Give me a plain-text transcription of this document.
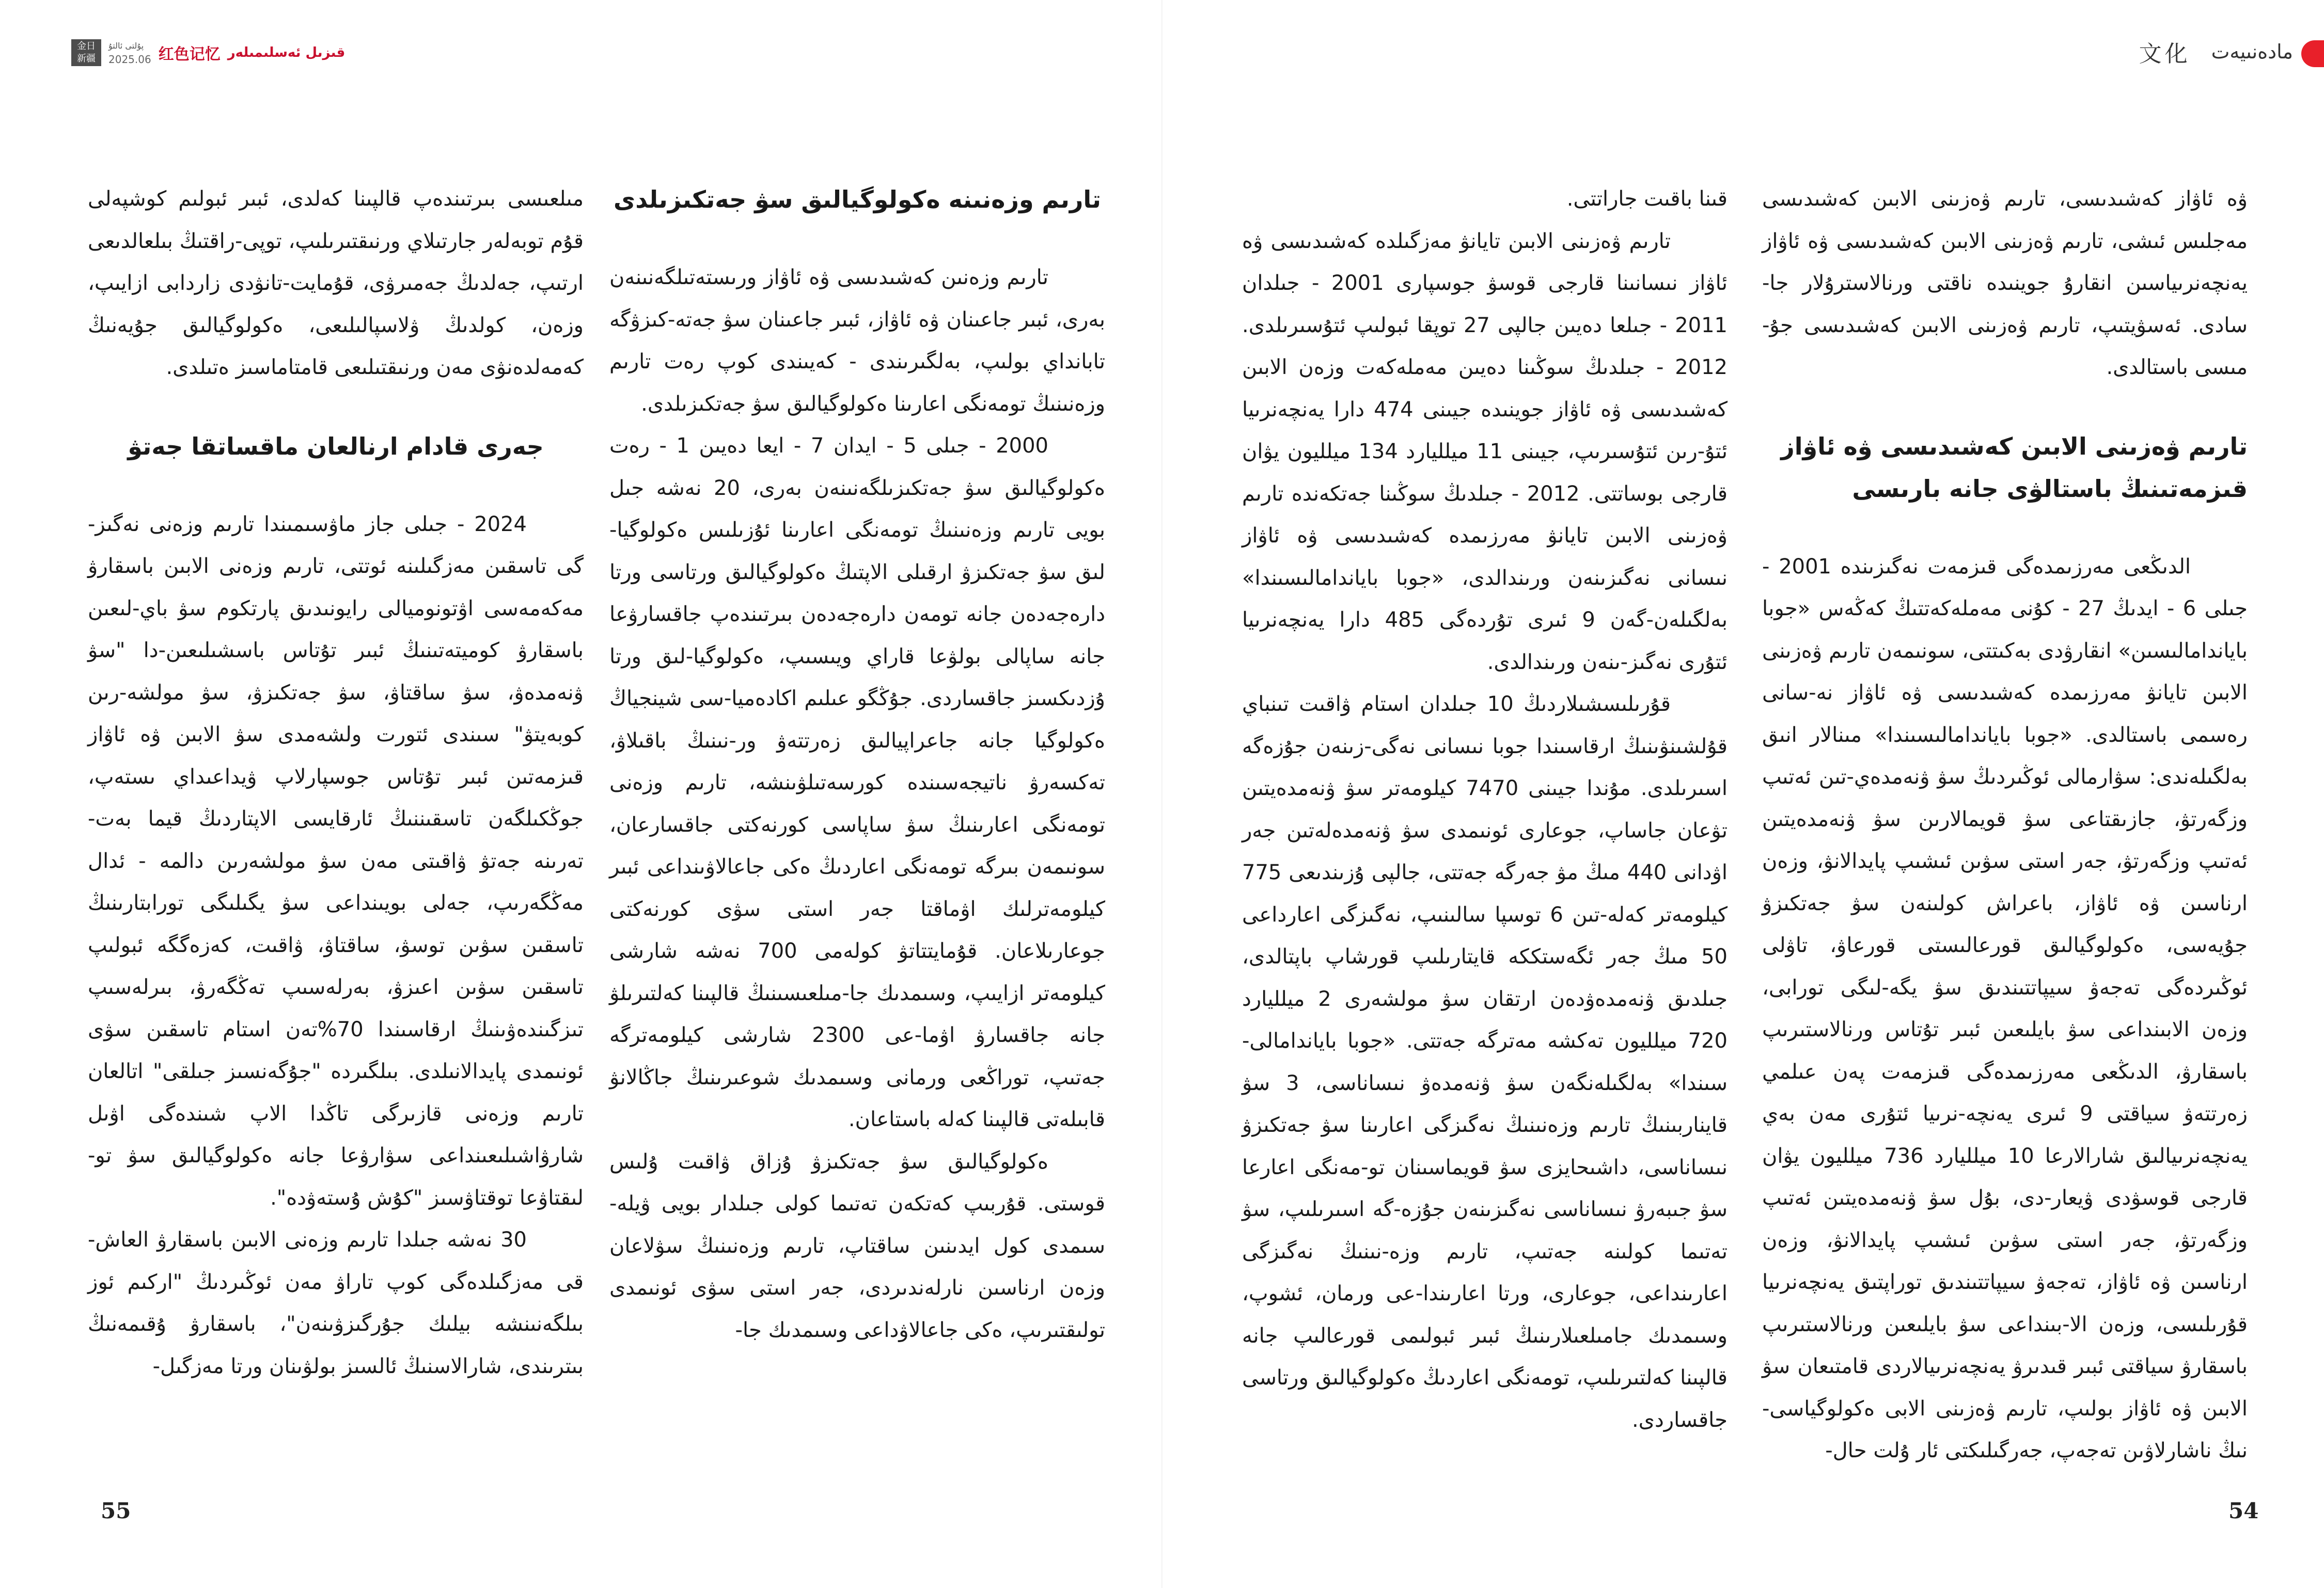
金日
新疆
پۇلتى ئالتۇ
2025.06 红色记忆 قىزىل ئەسلىمىلەر

مىلعىسى بىرتىندەپ قالپىنا كەلدى، ئبىر ئبولىم كوشپەلى قۇم توبەلەر جارتىلاي ورنىقتىرىلىپ، توپى-راقتىڭ بىلعالدىعى ارتىپ، جەلدىڭ جەمىرۋى، قۇمايت-تانۋدى زاردابى ازايىپ، وزەن، كولدىڭ ۋلاسپالىلىعى، ەكولوگيالىق جۇيەنىڭ كەمەلدەنۋى مەن ورنىقتىلىعى قامتاماسىز ەتىلدى.

جەرى قادام ارنالعان ماقساتقا جەتۋ

2024 - جىلى جاز ماۋسىمىندا تارىم وزەنى نەگىز-گى تاسقىن مەزگىلىنە ئوتتى، تارىم وزەنى الابىن باسقارۋ مەكەمەسى اۋتونوميالى رايونىدىق پارتكوم سۋ باي-لىعىن باسقارۋ كوميتەتىنىڭ ئبىر تۇتاس باسشىلىعىن-دا "سۋ ۋنەمدەۋ، سۋ ساقتاۋ، سۋ جەتكىزۋ، سۋ مولشە-رىن كوبەيتۋ" سىندى ئتورت ولشەمدى سۋ الابىن ۋە ئاۋاز قىزمەتىن ئبىر تۇتاس جوسپارلاپ ۋيداعىداي ىستەپ، جوڭكىلگەن تاسقىننىڭ ئارقايسى الاپتاردىڭ قيما بەت-تەرىنە جەتۋ ۋاقىتى مەن سۋ مولشەرىن دالمە - ئدال مەڭگەرىپ، جەلى بويىنداعى سۋ يگىلىگى تورابتارىنىڭ تاسقىن سۋىن توسۋ، ساقتاۋ، ۋاقىت، كەزەگگە ئبولىپ تاسقىن سۋىن اعىزۋ، بەرلەسىپ تەڭگەرۋ، بىرلەسىپ تىزگىندەۋىنىڭ ارقاسىندا 70%تەن استام تاسقىن سۋى ئونىمدى پايدالانىلدى. بىلگىردە "جۇگەنسىز جىلقى" اتالعان تارىم وزەنى قازىرگى تاڭدا الاپ شىندەگى اۋىل شارۋاشىلىعىنداعى سۋارۋعا جانە ەكولوگيالىق سۋ تو-لىقتاۋعا توقتاۋسىز "كۇش ۇستەۋدە".

30 نەشە جىلدا تارىم وزەنى الابىن باسقارۋ العاش-قى مەزگىلدەگى كوپ تاراۋ مەن ئوڭىردىڭ "اركىم ئوز بىلگەنىنشە بيلىك جۇرگىزۋىنەن"، باسقارۋ ۇقىمەنىڭ بىترىندى، شارالاسنىڭ ئالسىز بولۋىنان ورتا مەزگىل-

تارىم وزەنىنە ەكولوگيالىق سۋ جەتكىزىلدى

تارىم وزەنىن كەشىدىسى ۋە ئاۋاز ورىستەتىلگەنىنەن بەرى، ئبىر جاعىنان ۋە ئاۋاز، ئبىر جاعىنان سۋ جەتە-كىزۋگە تابانداي بولىپ، بەلگىرىندى - كەيىندى كوپ رەت تارىم وزەنىنىڭ تومەنگى اعارىنا ەكولوگيالىق سۋ جەتكىزىلدى.

2000 - جىلى 5 - ايدان 7 - ايعا دەيىن 1 - رەت ەكولوگيالىق سۋ جەتكىزىلگەنىنەن بەرى، 20 نەشە جىل بويى تارىم وزەنىنىڭ تومەنگى اعارىنا ئۇزىلىس ەكولوگيا-لىق سۋ جەتكىزۋ ارقىلى الاپتىڭ ەكولوگيالىق ورتاسى ورتا دارەجەدەن جانە تومەن دارەجەدەن بىرتىندەپ جاقسارۋعا جانە ساپالى بولۋعا قاراي ويىسىپ، ەكولوگيا-لىق ورتا ۇزدىكسىز جاقساردى. جۇڭگو عىلىم اكادەميا-سى شينجياڭ ەكولوگيا جانە جاعراپيالىق زەرتتەۋ ور-نىنىڭ باقىلاۋ، تەكسەرۋ ناتيجەسىندە كورسەتىلۋىنشە، تارىم وزەنى تومەنگى اعارىنىڭ سۋ ساپاسى كورنەكتى جاقسارعان، سونىمەن بىرگە تومەنگى اعاردىڭ ەكى جاعالاۋىنداعى ئبىر كيلومەترلىك اۋماقتا جەر استى سۋى كورنەكتى جوعارىلاعان. قۇمايتتاتۋ كولەمى 700 نەشە شارشى كيلومەتر ازايىپ، وسىمدىك جا-مىلعىسىنىڭ قالپىنا كەلتىرىلۋ جانە جاقسارۋ اۋما-عى 2300 شارشى كيلومەترگە جەتىپ، توراڭعى ورمانى وسىمدىك شوعىرىنىڭ جاڭالانۋ قابىلەتى قالپىنا كەلە باستاعان.

ەكولوگيالىق سۋ جەتكىزۋ ۇزاق ۋاقىت ۇلىس قوستى. قۇربىپ كەتكەن تەتىما كولى جىلدار بويى ۋيلە-سىمدى كول ايدىنىن ساقتاپ، تارىم وزەنىنىڭ سۋلاعان وزەن ارناسىن نارلەندىردى، جەر استى سۋى ئونىمدى تولىقتىرىپ، ەكى جاعالاۋداعى وسىمدىك جا-

55
文化 مادەنىيەت
54

ۋە ئاۋاز كەشىدىسى، تارىم ۋەزىنى الابىن كەشىدىسى مەجلىس ئىشى، تارىم ۋەزىنى الابىن كەشىدىسى ۋە ئاۋاز يەنچەنرىياسىن انقارۇ جوينىدە ناقتى ورنالاسترۇلار جا-سادى. ئەسۋيتىپ، تارىم ۋەزىنى الابىن كەشىدىسى جۇ-مىسى باستالدى.

تارىم ۋەزىنى الابىن كەشىدىسى ۋە ئاۋاز قىزمەتىنىڭ باستالۋى جانە بارىسى

الدىڭعى مەرزىمدەگى قىزمەت نەگىزىندە 2001 - جىلى 6 - ايدىڭ 27 - كۇنى مەملەكەتتىڭ كەڭەس «جوبا باياندامالىسىن» انقارۋدى بەكىتتى، سونىمەن تارىم ۋەزىنى الابىن تايانۋ مەرزىمدە كەشىدىسى ۋە ئاۋاز نە-سانى رەسمى باستالدى. «جوبا باياندامالىسىندا» مىنالار انىق بەلگىلەندى: سۋارمالى ئوڭىردىڭ سۋ ۋنەمدەي-تىن ئەتىپ وزگەرتۋ، جازىقتاعى سۋ قويمالارىن سۋ ۋنەمدەيتىن ئەتىپ وزگەرتۋ، جەر استى سۋىن ئىشىپ پايدالانۋ، وزەن ارناسىن ۋە ئاۋاز، باعراش كولىنەن سۋ جەتكىزۋ جۇيەسى، ەكولوگيالىق قورعالىستى قورعاۋ، تاۋلى ئوڭىردەگى تەجەۋ سيپاتتىندىق سۋ يگە-لىگى تورابى، وزەن الابىنداعى سۋ بايلىعىن ئبىر تۇتاس ورنالاستىرىپ باسقارۋ، الدىڭعى مەرزىمدەگى قىزمەت پەن عىلمي زەرتتەۋ سياقتى 9 ئىرى يەنچە-نرىيا ئتۇرى مەن بەي يەنچەنرىيالىق شارالارعا 10 ميلليارد 736 ميلليون يۋان قارجى قوسۋدى ۋيعار-دى، بۇل سۋ ۋنەمدەيتىن ئەتىپ وزگەرتۋ، جەر استى سۋىن ئىشىپ پايدالانۋ، وزەن ارناسىن ۋە ئاۋاز، تەجەۋ سيپاتتىندىق توراپتىق يەنچەنرىيا قۇرىلىسى، وزەن الا-بىنداعى سۋ بايلىعىن ورنالاستىرىپ باسقارۋ سياقتى ئبىر قىدىرۋ يەنچەنرىيالاردى قامتىعان سۋ الابىن ۋە ئاۋاز بولىپ، تارىم ۋەزىنى الابى ەكولوگياسى-نىڭ ناشارلاۋىن تەجەپ، جەرگىلىكتى ئار ۇلت حال-

قىنا باقىت جاراتتى.

تارىم ۋەزىنى الابىن تايانۋ مەزگىلدە كەشىدىسى ۋە ئاۋاز نىسانىنا قارجى قوسۋ جوسپارى 2001 - جىلدان 2011 - جىلعا دەيىن جالپى 27 توپقا ئبولىپ ئتۇسىرىلدى. 2012 - جىلدىڭ سوڭىنا دەيىن مەملەكەت وزەن الابىن كەشىدىسى ۋە ئاۋاز جوينىدە جيىنى 474 دارا يەنچەنرىيا ئتۇ-رىن ئتۇسىرىپ، جيىنى 11 ميلليارد 134 ميلليون يۋان قارجى بوساتتى. 2012 - جىلدىڭ سوڭىنا جەتكەندە تارىم ۋەزىنى الابىن تايانۋ مەرزىمدە كەشىدىسى ۋە ئاۋاز نىسانى نەگىزىنەن ورىندالدى، «جوبا باياندامالىسىندا» بەلگىلەن-گەن 9 ئىرى تۇردەگى 485 دارا يەنچەنرىيا ئتۇرى نەگىز-ىنەن ورىندالدى.

قۇرىلىسشىلاردىڭ 10 جىلدان استام ۋاقىت تىنباي قۇلشىنۋىنىڭ ارقاسىندا جوبا نىسانى نەگى-زىنەن جۇزەگە اسىرىلدى. مۇندا جيىنى 7470 كيلومەتر سۋ ۋنەمدەيتىن تۋعان جاساپ، جوعارى ئونىمدى سۋ ۋنەمدەلەتىن جەر اۋدانى 440 مىڭ مۋ جەرگە جەتتى، جالپى ۇزىندىعى 775 كيلومەتر كەلە-تىن 6 توسپا سالىنىپ، نەگىزگى اعارداعى 50 مىڭ جەر ئگەستككە قايتارىلىپ قورشاپ باپتالدى، جىلدىق ۋنەمدەۋدەن ارتقان سۋ مولشەرى 2 ميلليارد 720 ميلليون تەكشە مەترگە جەتتى. «جوبا باياندامالى-سىندا» بەلگىلەنگەن سۋ ۋنەمدەۋ نىساناسى، 3 سۋ قايناربىنىڭ تارىم وزەنىنىڭ نەگىزگى اعارىنا سۋ جەتكىزۋ نىساناسى، داشىحايزى سۋ قويماسىنان تو-مەنگى اعارعا سۋ جىبەرۋ نىساناسى نەگىزىنەن جۇزە-گە اسىرىلىپ، سۋ تەتىما كولىنە جەتىپ، تارىم وزە-نىنىڭ نەگىزگى اعارىنداعى، جوعارى، ورتا اعارىندا-عى ورمان، ئشوپ، وسىمدىك جامىلعىلارىنىڭ ئبىر ئبولىمى قورعالىپ جانە قالپىنا كەلتىرىلىپ، تومەنگى اعاردىڭ ەكولوگيالىق ورتاسى جاقساردى.
